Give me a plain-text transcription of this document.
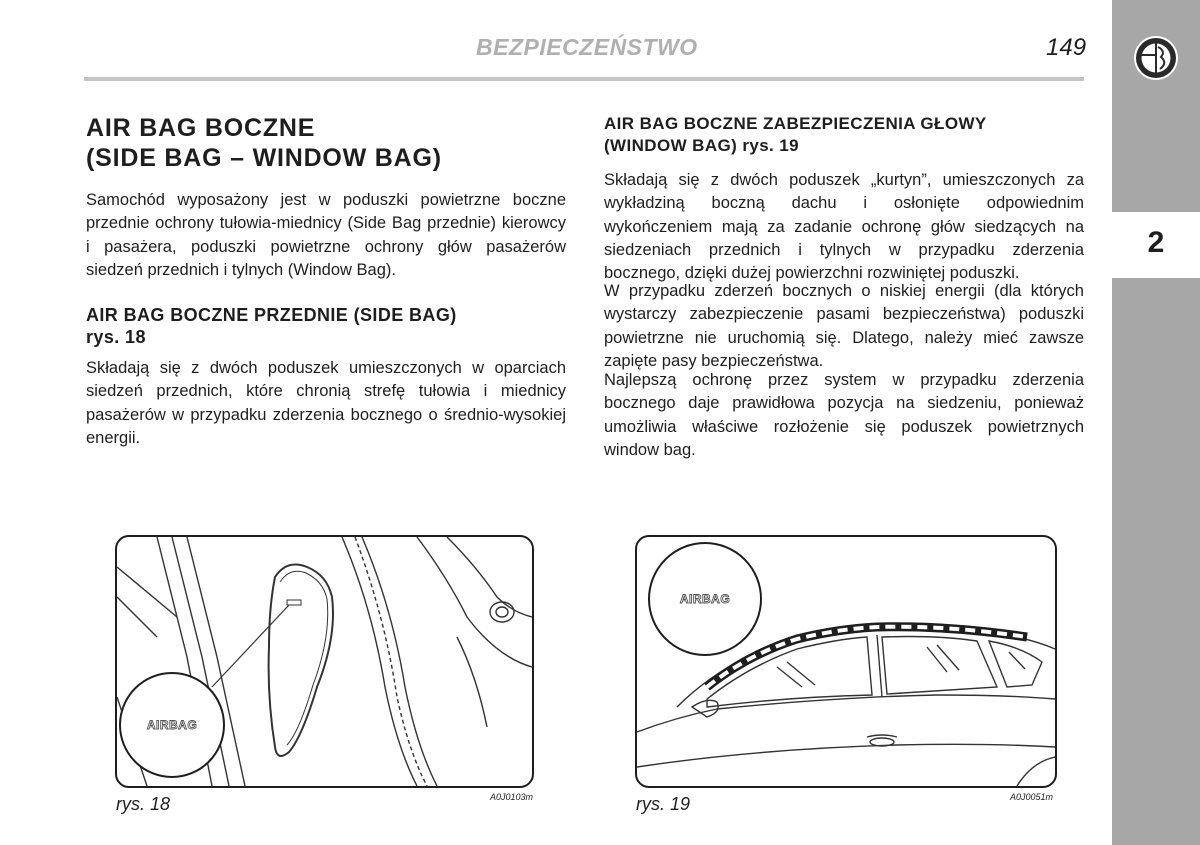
BEZPIECZEŃSTWO	149
2
AIR BAG BOCZNE
(SIDE BAG – WINDOW BAG)

Samochód wyposażony jest w poduszki powietrzne boczne przednie ochrony tułowia-miednicy (Side Bag przednie) kierowcy i pasażera, poduszki powietrzne ochrony głów pasażerów siedzeń przednich i tylnych (Window Bag).

AIR BAG BOCZNE PRZEDNIE (SIDE BAG)
rys. 18

Składają się z dwóch poduszek umieszczonych w oparciach siedzeń przednich, które chronią strefę tułowia i miednicy pasażerów w przypadku zderzenia bocznego o średnio-wysokiej energii.

AIR BAG BOCZNE ZABEZPIECZENIA GŁOWY
(WINDOW BAG) rys. 19

Składają się z dwóch poduszek „kurtyn”, umieszczonych za wykładziną boczną dachu i osłonięte odpowiednim wykończeniem mają za zadanie ochronę głów siedzących na siedzeniach przednich i tylnych w przypadku zderzenia bocznego, dzięki dużej powierzchni rozwiniętej poduszki.

W przypadku zderzeń bocznych o niskiej energii (dla których wystarczy zabezpieczenie pasami bezpieczeństwa) poduszki powietrzne nie uruchomią się. Dlatego, należy mieć zawsze zapięte pasy bezpieczeństwa.

Najlepszą ochronę przez system w przypadku zderzenia bocznego daje prawidłowa pozycja na siedzeniu, ponieważ umożliwia właściwe rozłożenie się poduszek powietrznych window bag.

AIRBAG
rys. 18	A0J0103m
AIRBAG
rys. 19	A0J0051m
